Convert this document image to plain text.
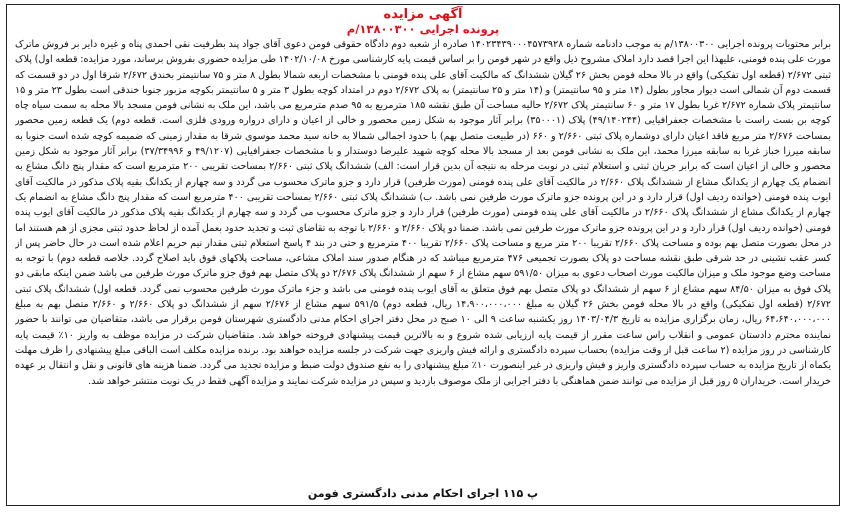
آگهی مزایده

پرونده اجرایی ۱۳۸۰۰۳۰۰/م

برابر محتویات پرونده اجرایی ۱۳۸۰۰۳۰۰/م به موجب دادنامه شماره ۱۴۰۲۳۴۳۹۰۰۰۴۵۷۳۹۲۸ صادره از شعبه دوم دادگاه حقوقی فومن دعوی آقای جواد پند بطرفیت نقی احمدی پناه و غیره دایر بر فروش ماترک مورث علی پنده فومنی، علیهذا این اجرا قصد دارد املاک مشروح ذیل واقع در شهر فومن را بر اساس قیمت پایه کارشناسی مورخ ۱۴۰۲/۱۰/۰۸ طی مزایده حضوری بفروش برساند، مورد مزایده: قطعه اول) پلاک ثبتی ۲/۶۷۲ (قطعه اول تفکیکی) واقع در بالا محله فومن بخش ۲۶ گیلان ششدانگ که مالکیت آقای علی پنده فومنی با مشخصات اربعه شمالا بطول ۸ متر و ۷۵ سانتیمتر بخندق ۲/۶۷۲ شرقا اول در دو قسمت که قسمت دوم آن شمالی است دیوار مجاور بطول (۱۴ متر و ۹۵ سانتیمتر) و (۱۴ متر و ۲۵ سانتیمتر) به پلاک ۲/۶۷۲ دوم در امتداد کوچه بطول ۳ متر و ۵ سانتیمتر بکوچه مزبور جنوبا خندقی است بطول ۲۳ متر و ۱۵ سانتیمتر پلاک شماره ۲/۶۷۲ غربا بطول ۱۷ متر و ۶۰ سانتیمتر پلاک ۲/۶۷۲ حالیه مساحت آن طبق نقشه ۱۸۵ مترمربع به ۹۵ صدم مترمربع می باشد، این ملک به نشانی فومن مسجد بالا محله به سمت سیاه چاه کوچه بن بست راست با مشخصات جعفرافیایی (۴۹/۱۴۰۲۴۴) پلاک (۳۵۰۰۰۱) برابر آثار موجود به شکل زمین محصور و خالی از اعیان و دارای درواره ورودی فلزی است. قطعه دوم) یک قطعه زمین محصور بمساحت ۲/۶۷۶ متر مربع فاقد اعیان دارای دوشماره پلاک ثبتی ۲/۶۶۰ و ۶۶۰ (در طبیعت متصل بهم) با حدود اجمالی شمالا به خانه سید محمد موسوی شرقا به مقدار زمینی که ضمیمه کوچه شده است جنوبا به سابقه میرزا خباز غربا به سابقه میرزا محمد، این ملک به نشانی فومن بعد از مسجد بالا محله کوچه شهید علیرضا دوستدار و با مشخصات جعفرافیایی (۴۹/۱۲۰۷ و ۳۷/۳۴۹۹۶) برابر آثار موجود به شکل زمین محصور و خالی از اعیان است که برابر جریان ثبتی و استعلام ثبتی در نوبت مرحله به نتیجه آن بدین قرار است: الف) ششدانگ پلاک ثبتی ۲/۶۶۰ بمساحت تقریبی ۲۰۰ مترمربع است که مقدار پنج دانگ مشاع به انضمام یک چهارم از یکدانگ مشاع از ششدانگ پلاک ۲/۶۶۰ در مالکیت آقای علی پنده فومنی (مورث طرفین) قرار دارد و جزو ماترک محسوب می گردد و سه چهارم از یکدانگ بقیه پلاک مذکور در مالکیت آقای ایوب پنده فومنی (خوانده ردیف اول) قرار دارد و در این پرونده جزو ماترک مورث طرفین نمی باشد. ب) ششدانگ پلاک ثبتی ۲/۶۶۰ بمساحت تقریبی ۴۰۰ مترمربع است که مقدار پنج دانگ مشاع به انضمام یک چهارم از یکدانگ مشاع از ششدانگ پلاک ۲/۶۶۰ در مالکیت آقای علی پنده فومنی (مورث طرفین) قرار دارد و جزو ماترک محسوب می گردد و سه چهارم از یکدانگ بقیه پلاک مذکور در مالکیت آقای ایوب پنده فومنی (خوانده ردیف اول) قرار دارد و در این پرونده جزو ماترک مورث طرفین نمی باشد. ضمنا دو پلاک ۲/۶۶۰ و ۲/۶۶۰ با توجه به تقاضای ثبت و تجدید حدود بعمل آمده از لحاظ حدود ثبتی مجزی از هم هستند اما در محل بصورت متصل بهم بوده و مساحت پلاک ۲/۶۶۰ تقریبا ۲۰۰ متر مربع و مساحت پلاک ۲/۶۶۰ تقریبا ۴۰۰ مترمربع و حتی در بند ۴ پاسخ استعلام ثبتی مقدار نیم حریم اعلام شده است در حال حاضر پس از کسر عقب نشینی در حد شرقی طبق نقشه مساحت دو پلاک بصورت تجمیعی ۴۷۶ مترمربع میباشد که در هنگام صدور سند املاک مشاعی، مساحت پلاکهای فوق باید اصلاح گردد. خلاصه قطعه دوم) با توجه به مساحت وضع موجود ملک و میزان مالکیت مورث اصحاب دعوی به میزان ۵۹۱/۵۰ سهم مشاع از ۶ سهم از ششدانگ پلاک ۲/۶۷۶ دو پلاک متصل بهم فوق جزو ماترک مورث طرفین می باشد ضمن اینکه مابقی دو پلاک فوق به میزان ۸۴/۵۰ سهم مشاع از ۶ سهم از ششدانگ دو پلاک متصل بهم فوق متعلق به آقای ایوب پنده فومنی می باشد و جزء ماترک مورث طرفین محسوب نمی گردد. قطعه اول) ششدانگ پلاک ثبتی ۲/۶۷۲ (قطعه اول تفکیکی) واقع در بالا محله فومن بخش ۲۶ گیلان به مبلغ ۱۴،۹۰۰،۰۰۰،۰۰۰ ریال، قطعه دوم) ۵۹۱/۵ سهم مشاع از ۲/۶۷۶ سهم از ششدانگ دو پلاک ۲/۶۶۰ و ۲/۶۶۰ متصل بهم به مبلغ ۶۴،۶۴۰،۰۰۰،۰۰۰ ریال، زمان برگزاری مزایده به تاریخ ۱۴۰۳/۰۴/۳ روز یکشنبه ساعت ۹ الی ۱۰ صبح در محل دفتر اجرای احکام مدنی دادگستری شهرستان فومن برقرار می باشد، متقاضیان می توانند با حضور نماینده محترم دادستان عمومی و انقلاب راس ساعت مقرر از قیمت پایه ارزیابی شده شروع و به بالاترین قیمت پیشنهادی فروخته خواهد شد. متقاضیان شرکت در مزایده موظف به واریز ۱۰٪ قیمت پایه کارشناسی در روز مزایده (۲ ساعت قبل از وقت مزایده) بحساب سپرده دادگستری و ارائه فیش واریزی جهت شرکت در جلسه مزایده خواهند بود. برنده مزایده مکلف است الباقی مبلغ پیشنهادی را ظرف مهلت یکماه از تاریخ مزایده به حساب سپرده دادگستری واریز و فیش واریزی در غیر اینصورت ۱۰٪ مبلغ پیشنهادی را به نفع صندوق دولت ضبط و مزایده تجدید می گردد. ضمنا هزینه های قانونی و نقل و انتقال بر عهده خریدار است. خریداران ۵ روز قبل از مزایده می توانند ضمن هماهنگی با دفتر اجرایی از ملک موصوف بازدید و سپس در مزایده شرکت نمایند و مزایده آگهی فقط در یک نوبت منتشر خواهد شد.

پ ۱۱۵ اجرای احکام مدنی دادگستری فومن
